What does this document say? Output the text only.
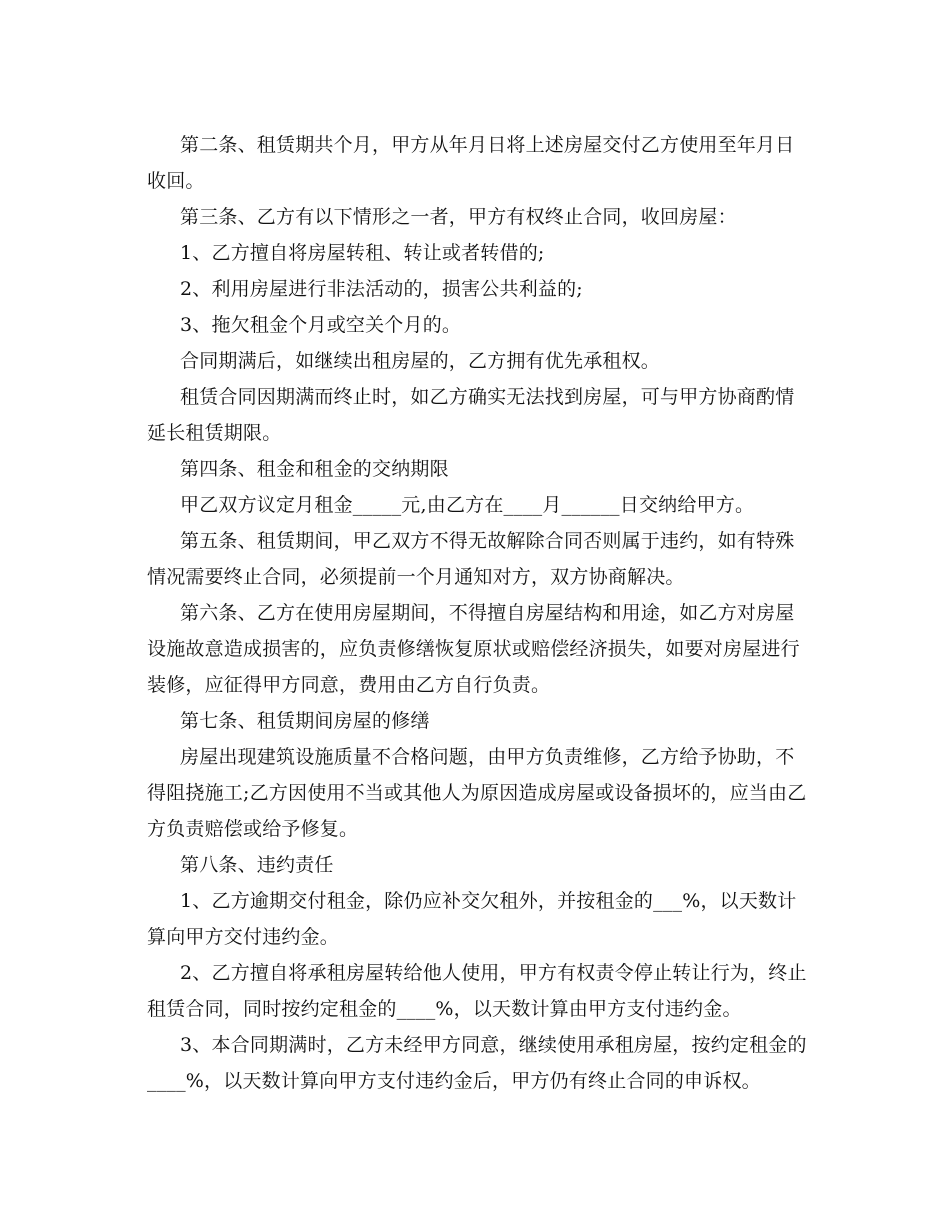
第二条、租赁期共个月，甲方从年月日将上述房屋交付乙方使用至年月日收回。

第三条、乙方有以下情形之一者，甲方有权终止合同，收回房屋：

1、乙方擅自将房屋转租、转让或者转借的;

2、利用房屋进行非法活动的，损害公共利益的;

3、拖欠租金个月或空关个月的。

合同期满后，如继续出租房屋的，乙方拥有优先承租权。

租赁合同因期满而终止时，如乙方确实无法找到房屋，可与甲方协商酌情延长租赁期限。

第四条、租金和租金的交纳期限

甲乙双方议定月租金_____元,由乙方在____月______日交纳给甲方。

第五条、租赁期间，甲乙双方不得无故解除合同否则属于违约，如有特殊情况需要终止合同，必须提前一个月通知对方，双方协商解决。

第六条、乙方在使用房屋期间，不得擅自房屋结构和用途，如乙方对房屋设施故意造成损害的，应负责修缮恢复原状或赔偿经济损失，如要对房屋进行装修，应征得甲方同意，费用由乙方自行负责。

第七条、租赁期间房屋的修缮

房屋出现建筑设施质量不合格问题，由甲方负责维修，乙方给予协助，不得阻挠施工;乙方因使用不当或其他人为原因造成房屋或设备损坏的，应当由乙方负责赔偿或给予修复。

第八条、违约责任

1、乙方逾期交付租金，除仍应补交欠租外，并按租金的___%，以天数计算向甲方交付违约金。

2、乙方擅自将承租房屋转给他人使用，甲方有权责令停止转让行为，终止租赁合同，同时按约定租金的____%，以天数计算由甲方支付违约金。

3、本合同期满时，乙方未经甲方同意，继续使用承租房屋，按约定租金的____%，以天数计算向甲方支付违约金后，甲方仍有终止合同的申诉权。
